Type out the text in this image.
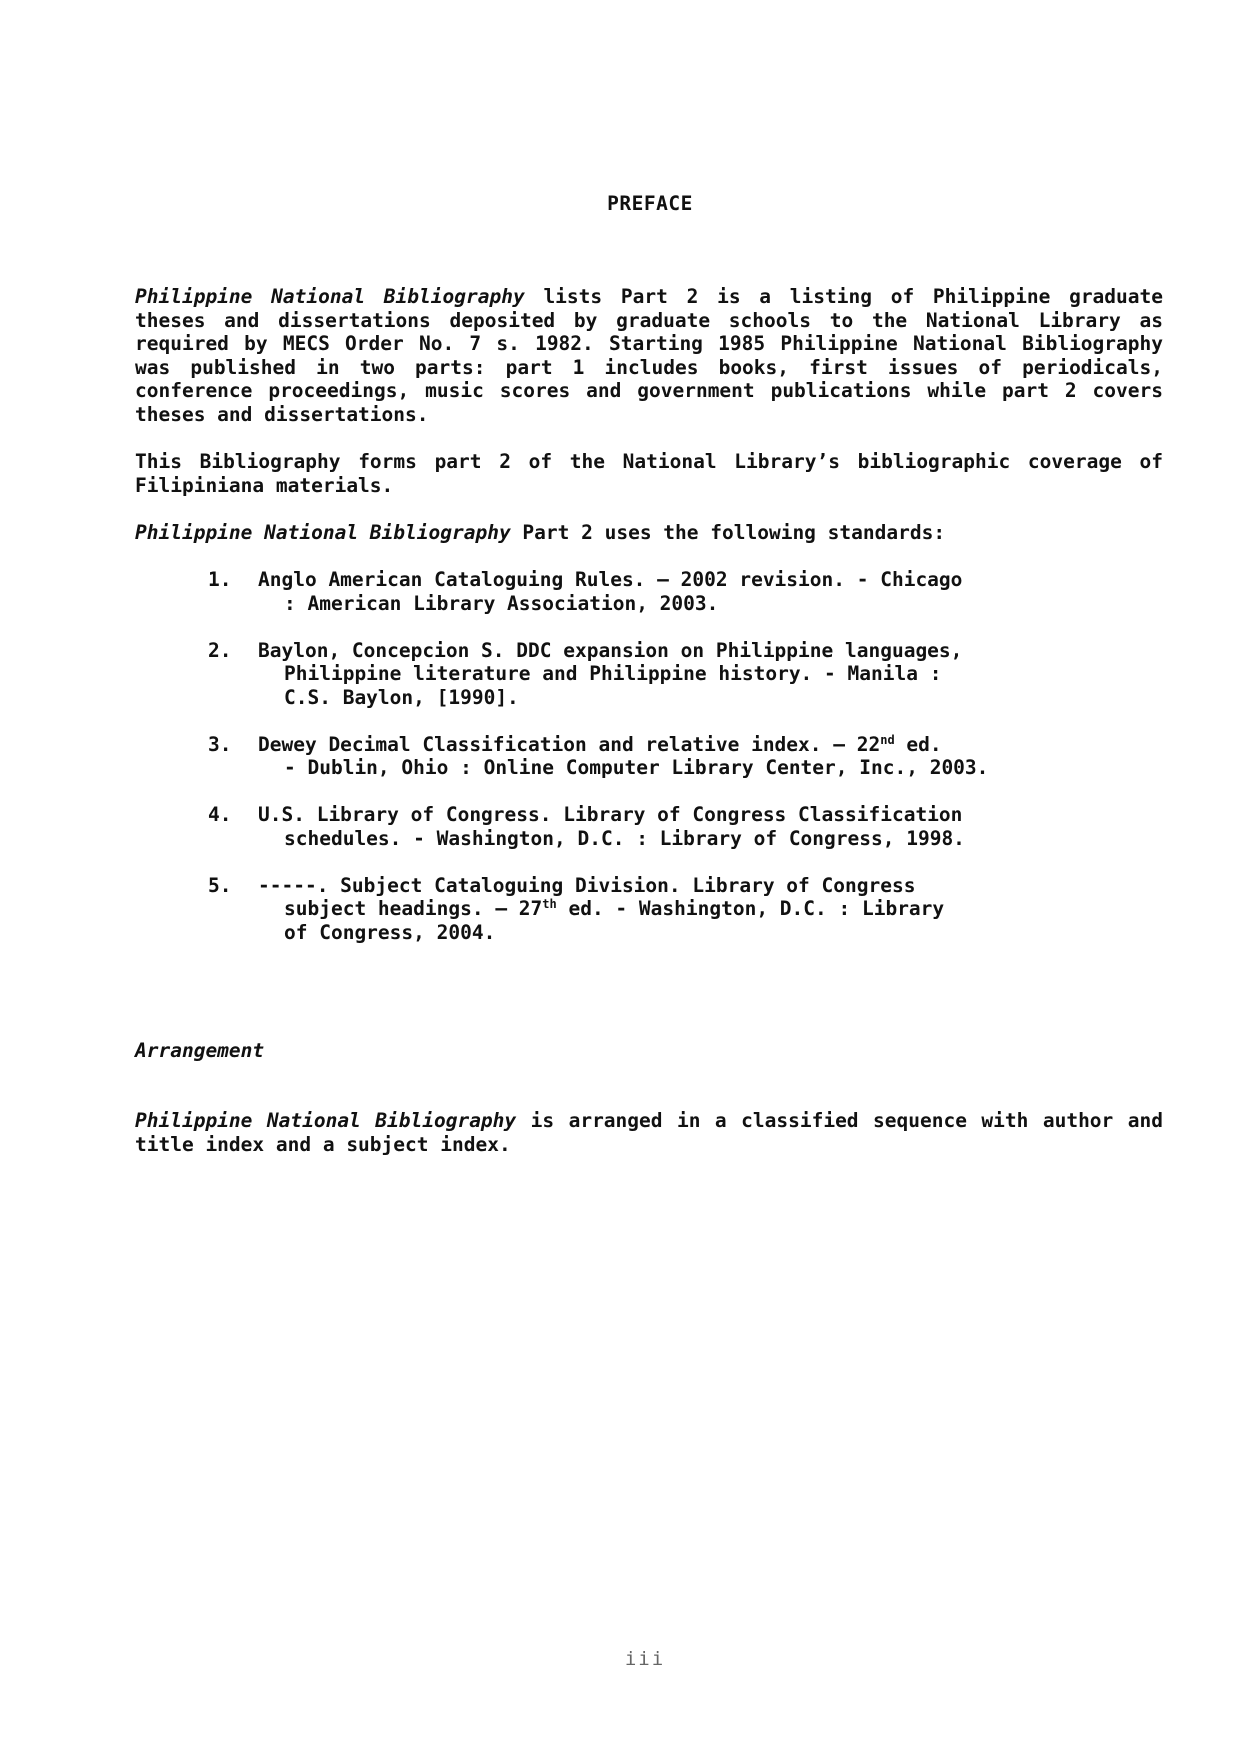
PREFACE

Philippine National Bibliography lists Part 2 is a listing of Philippine graduate theses and dissertations deposited by graduate schools to the National Library as required by MECS Order No. 7 s. 1982. Starting 1985 Philippine National Bibliography was published in two parts: part 1 includes books, first issues of periodicals, conference proceedings, music scores and government publications while part 2 covers theses and dissertations.

This Bibliography forms part 2 of the National Library’s bibliographic coverage of Filipiniana materials.

Philippine National Bibliography Part 2 uses the following standards:

1. Anglo American Cataloguing Rules. – 2002 revision. - Chicago
: American Library Association, 2003.
2. Baylon, Concepcion S. DDC expansion on Philippine languages,
Philippine literature and Philippine history. - Manila :
C.S. Baylon, [1990].
3. Dewey Decimal Classification and relative index. – 22nd ed.
- Dublin, Ohio : Online Computer Library Center, Inc., 2003.
4. U.S. Library of Congress. Library of Congress Classification
schedules. - Washington, D.C. : Library of Congress, 1998.
5. -----. Subject Cataloguing Division. Library of Congress
subject headings. – 27th ed. - Washington, D.C. : Library
of Congress, 2004.

Arrangement

Philippine National Bibliography is arranged in a classified sequence with author and title index and a subject index.

iii
